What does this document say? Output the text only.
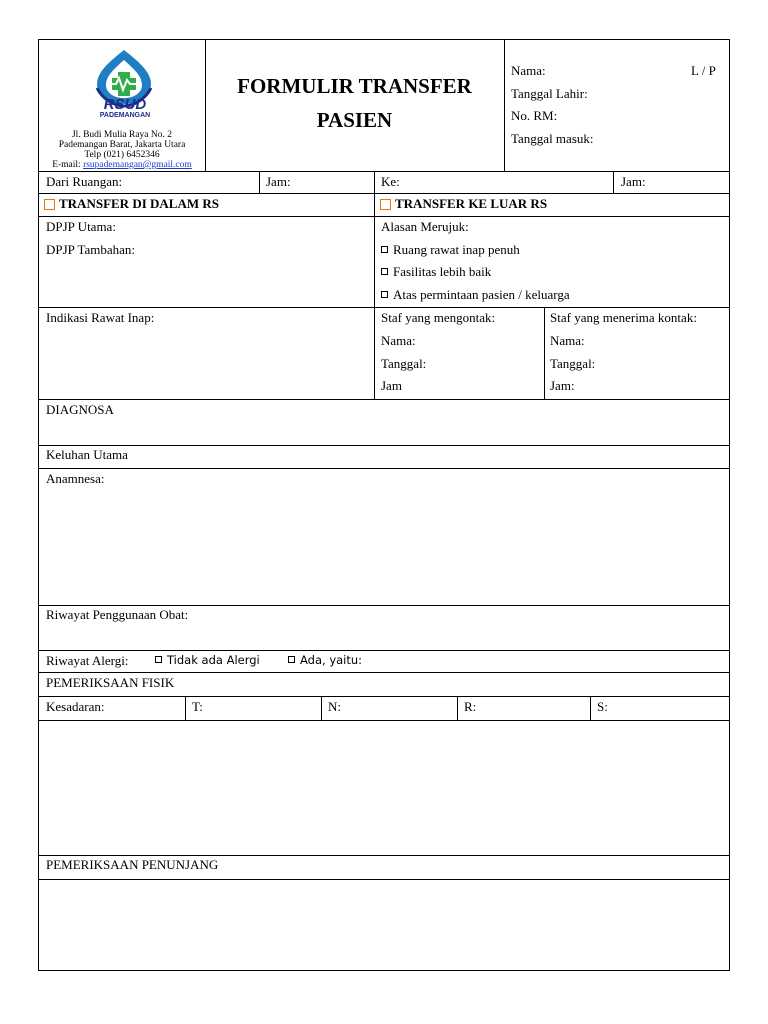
RSUD
PADEMANGAN
Jl. Budi Mulia Raya No. 2
Pademangan Barat, Jakarta Utara
Telp (021) 6452346
E-mail: rsupademangan@gmail.com
FORMULIR TRANSFER
PASIEN
Nama:	L / P
Tanggal Lahir:
No. RM:
Tanggal masuk:
Dari Ruangan:	Jam:	Ke:	Jam:
TRANSFER DI DALAM RS	TRANSFER KE LUAR RS
DPJP Utama:
DPJP Tambahan:
Alasan Merujuk:
Ruang rawat inap penuh
Fasilitas lebih baik
Atas permintaan pasien / keluarga
Indikasi Rawat Inap:	Staf yang mengontak:
Nama:
Tanggal:
Jam
Staf yang menerima kontak:
Nama:
Tanggal:
Jam:
DIAGNOSA
Keluhan Utama
Anamnesa:
Riwayat Penggunaan Obat:
Riwayat Alergi:	Tidak ada Alergi	Ada, yaitu:
PEMERIKSAAN FISIK
Kesadaran:	T:	N:	R:	S:
PEMERIKSAAN PENUNJANG
